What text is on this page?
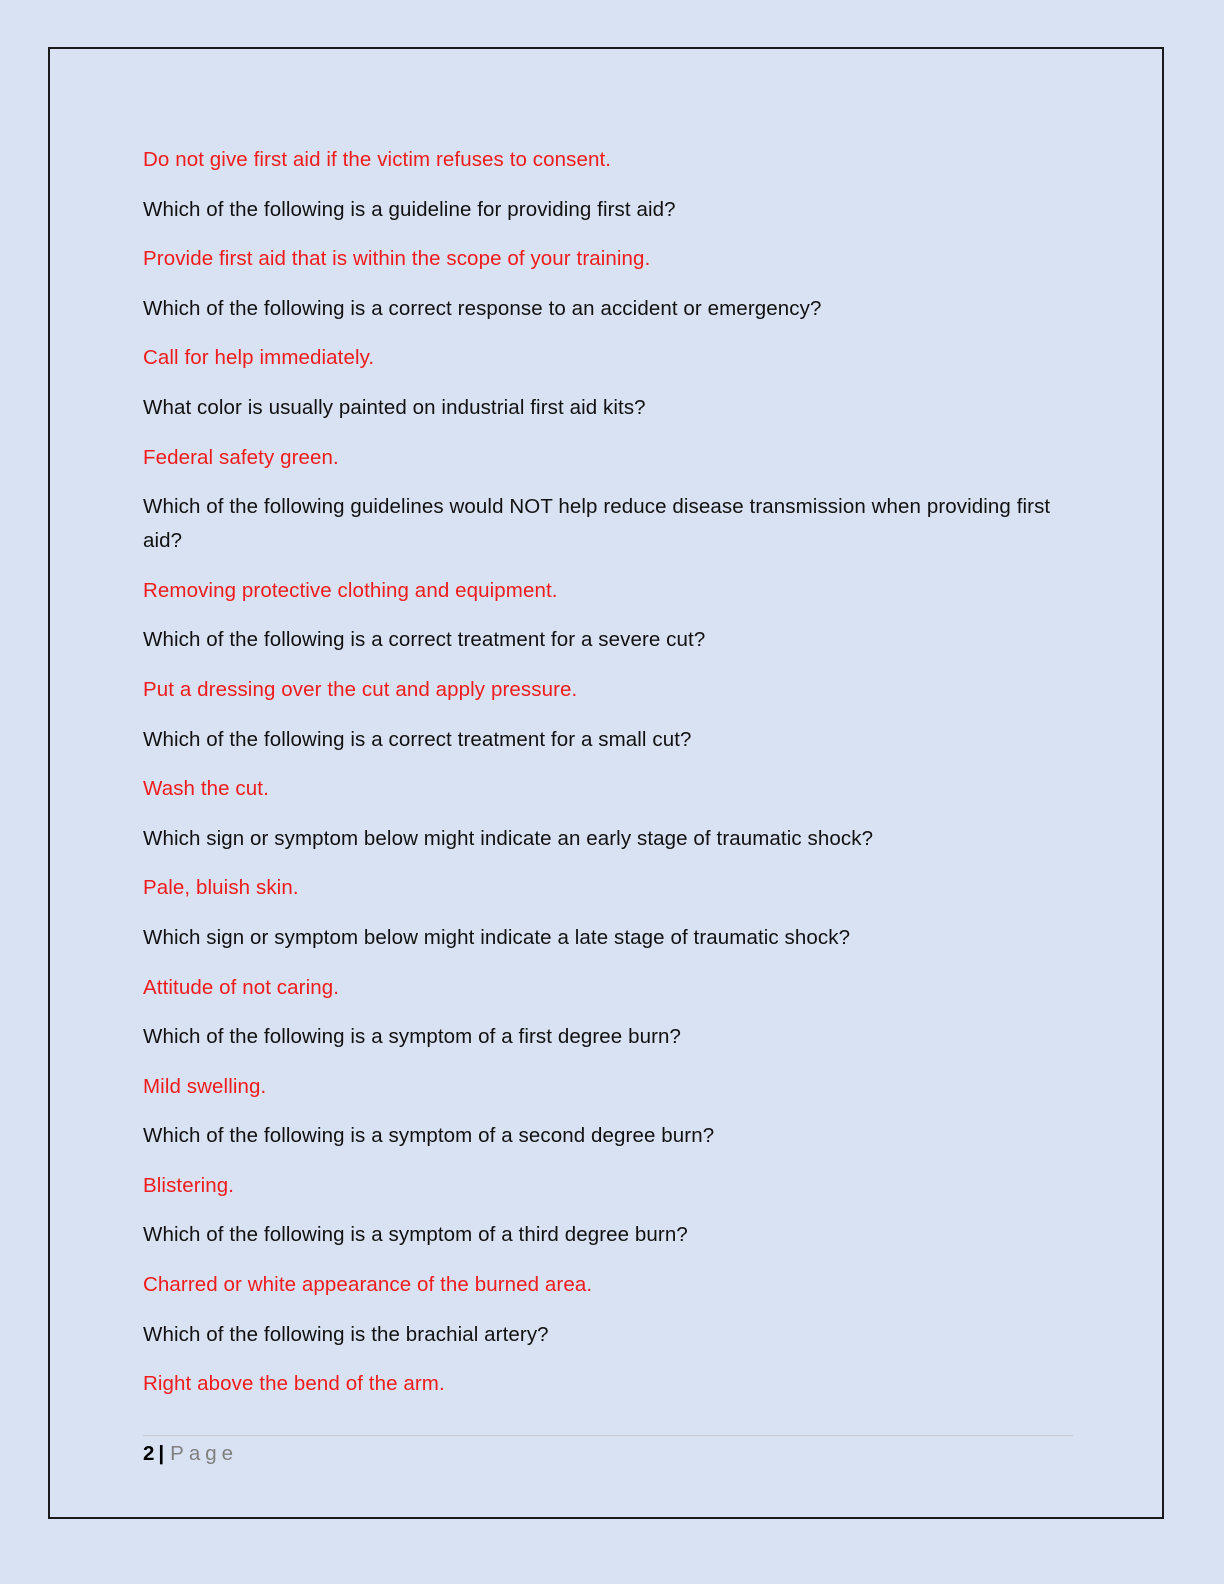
Do not give first aid if the victim refuses to consent.

Which of the following is a guideline for providing first aid?

Provide first aid that is within the scope of your training.

Which of the following is a correct response to an accident or emergency?

Call for help immediately.

What color is usually painted on industrial first aid kits?

Federal safety green.

Which of the following guidelines would NOT help reduce disease transmission when providing first aid?

Removing protective clothing and equipment.

Which of the following is a correct treatment for a severe cut?

Put a dressing over the cut and apply pressure.

Which of the following is a correct treatment for a small cut?

Wash the cut.

Which sign or symptom below might indicate an early stage of traumatic shock?

Pale, bluish skin.

Which sign or symptom below might indicate a late stage of traumatic shock?

Attitude of not caring.

Which of the following is a symptom of a first degree burn?

Mild swelling.

Which of the following is a symptom of a second degree burn?

Blistering.

Which of the following is a symptom of a third degree burn?

Charred or white appearance of the burned area.

Which of the following is the brachial artery?

Right above the bend of the arm.

2 | Page
